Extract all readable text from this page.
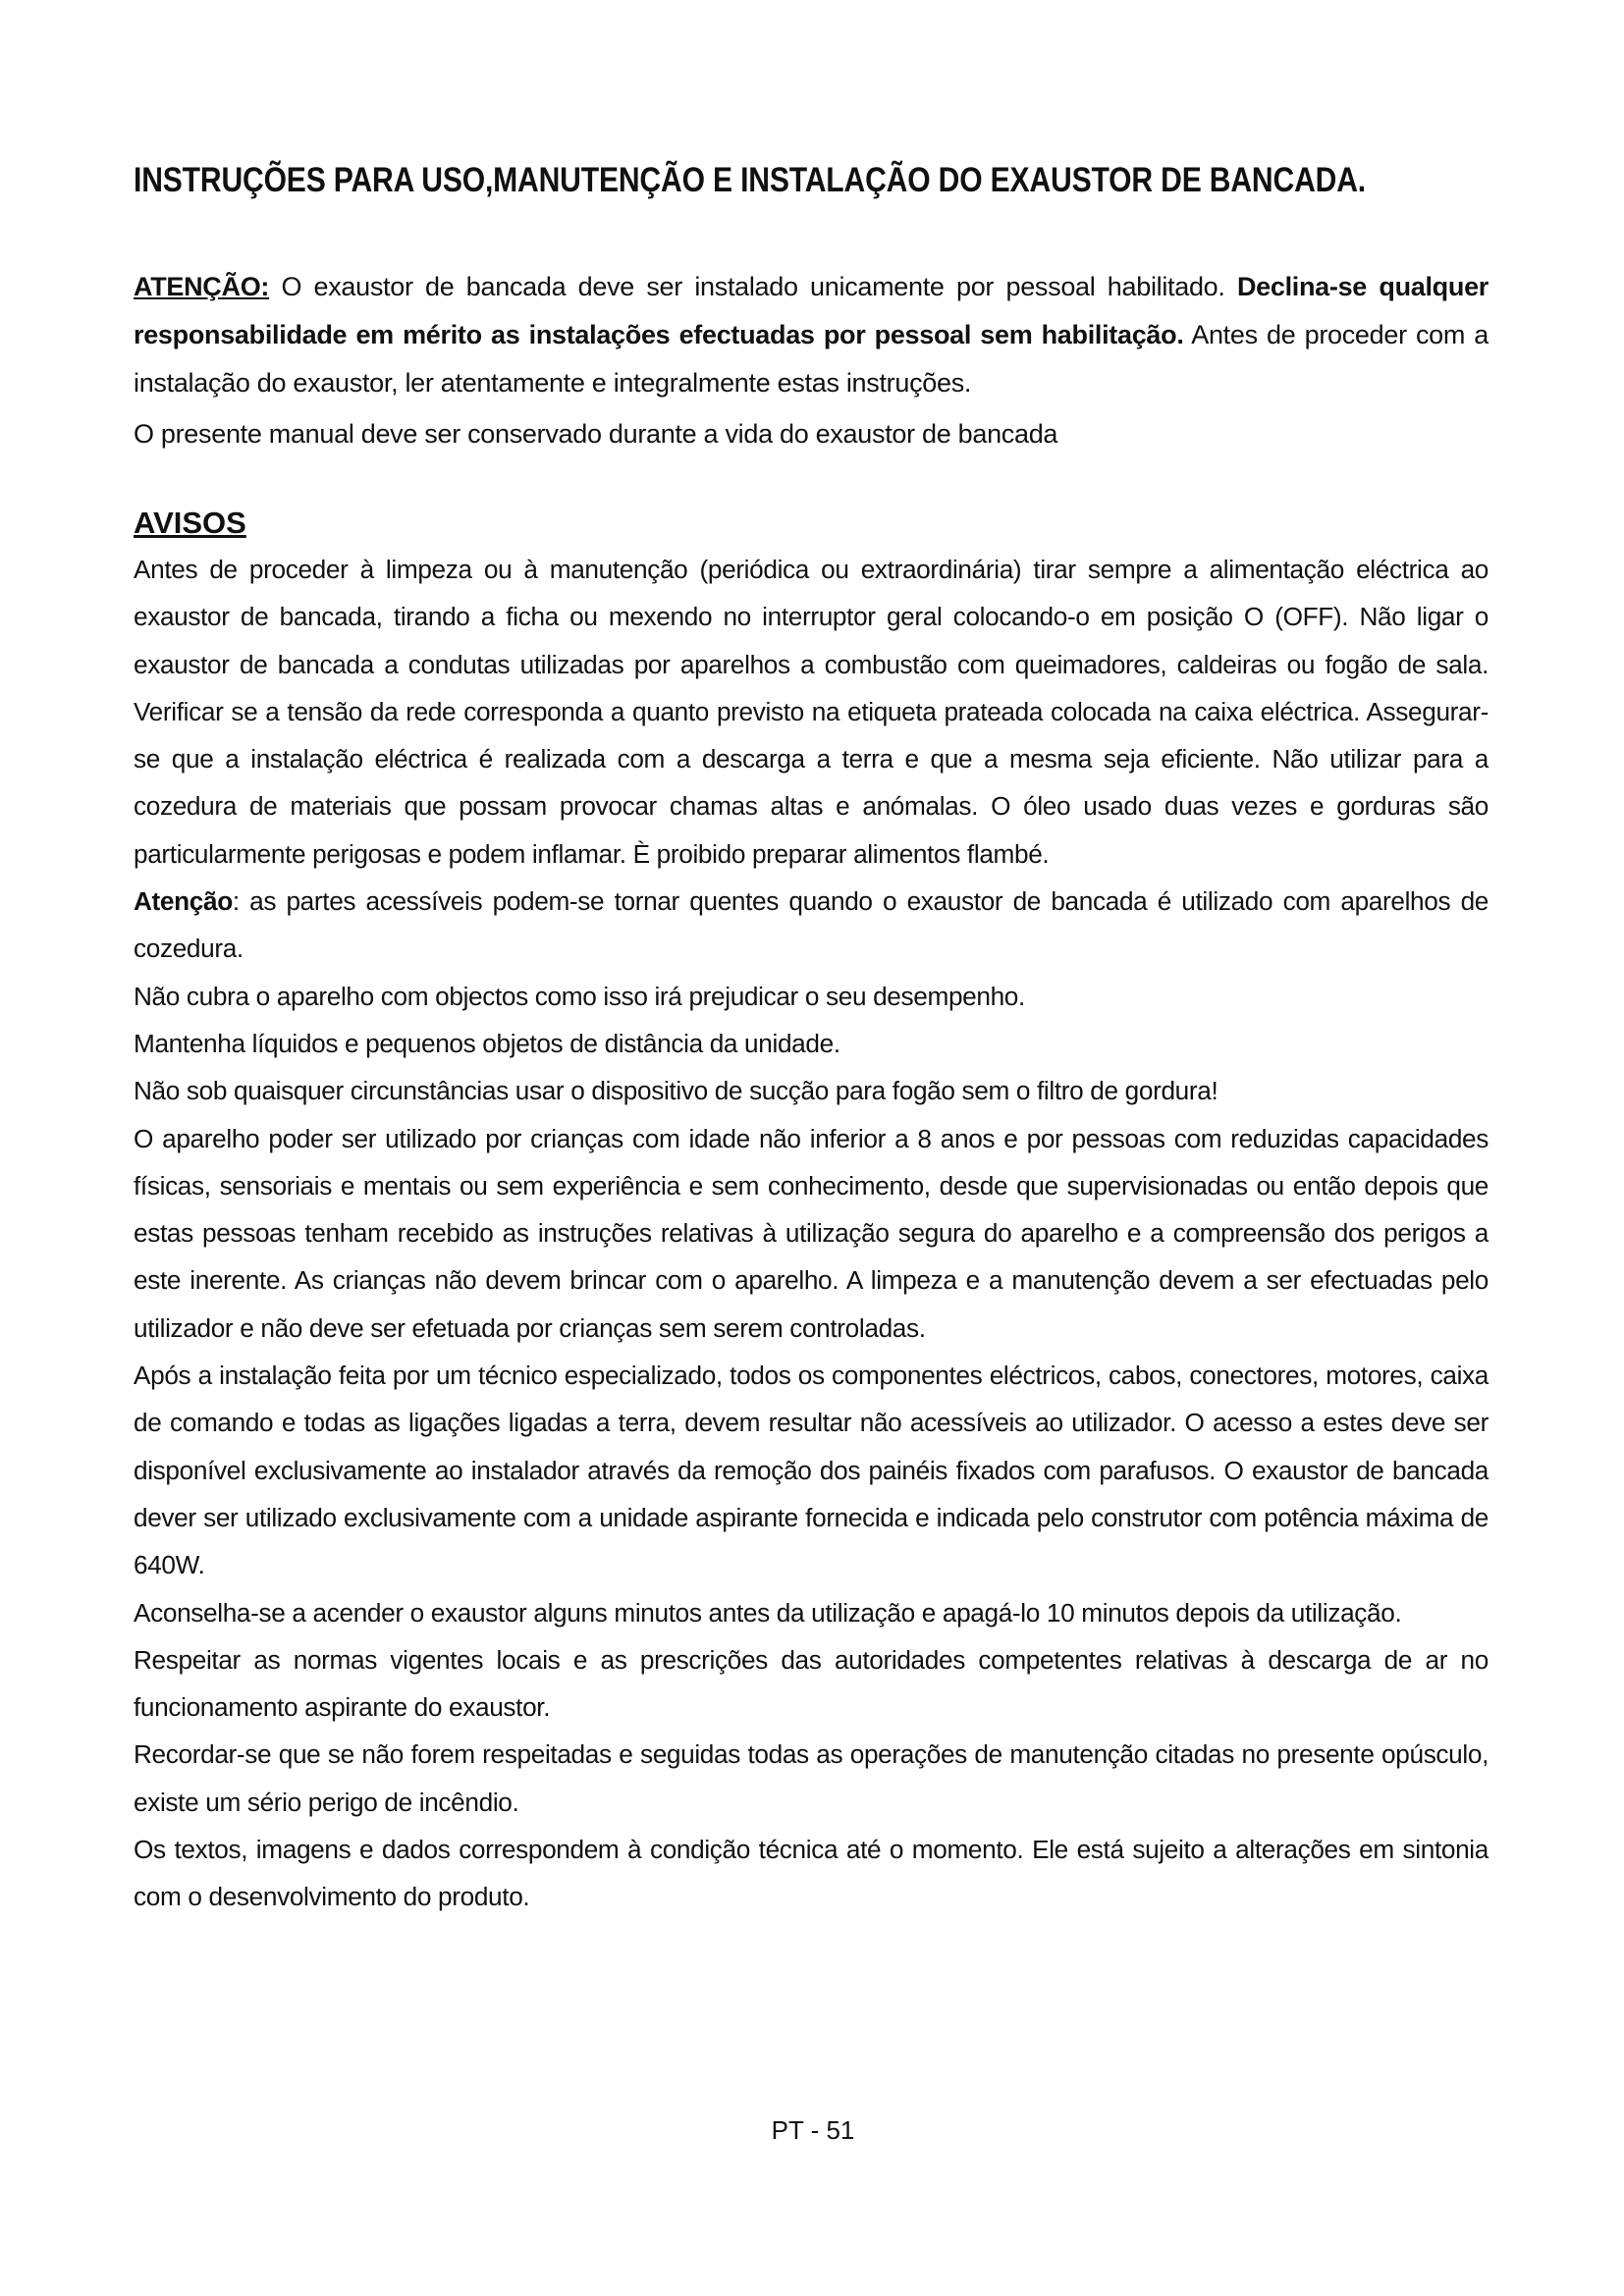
INSTRUÇÕES PARA USO,MANUTENÇÃO E INSTALAÇÃO DO EXAUSTOR DE BANCADA.

ATENÇÃO: O exaustor de bancada deve ser instalado unicamente por pessoal habilitado. Declina-se qualquer responsabilidade em mérito as instalações efectuadas por pessoal sem habilitação. Antes de proceder com a instalação do exaustor, ler atentamente e integralmente estas instruções.

O presente manual deve ser conservado durante a vida do exaustor de bancada

AVISOS

Antes de proceder à limpeza ou à manutenção (periódica ou extraordinária) tirar sempre a alimentação eléctrica ao exaustor de bancada, tirando a ficha ou mexendo no interruptor geral colocando-o em posição O (OFF). Não ligar o exaustor de bancada a condutas utilizadas por aparelhos a combustão com queimadores, caldeiras ou fogão de sala. Verificar se a tensão da rede corresponda a quanto previsto na etiqueta prateada colocada na caixa eléctrica. Assegurar-se que a instalação eléctrica é realizada com a descarga a terra e que a mesma seja eficiente. Não utilizar para a cozedura de materiais que possam provocar chamas altas e anómalas. O óleo usado duas vezes e gorduras são particularmente perigosas e podem inflamar. È proibido preparar alimentos flambé.

Atenção: as partes acessíveis podem-se tornar quentes quando o exaustor de bancada é utilizado com aparelhos de cozedura.

Não cubra o aparelho com objectos como isso irá prejudicar o seu desempenho.

Mantenha líquidos e pequenos objetos de distância da unidade.

Não sob quaisquer circunstâncias usar o dispositivo de sucção para fogão sem o filtro de gordura!

O aparelho poder ser utilizado por crianças com idade não inferior a 8 anos e por pessoas com reduzidas capacidades físicas, sensoriais e mentais ou sem experiência e sem conhecimento, desde que supervisionadas ou então depois que estas pessoas tenham recebido as instruções relativas à utilização segura do aparelho e a compreensão dos perigos a este inerente. As crianças não devem brincar com o aparelho. A limpeza e a manutenção devem a ser efectuadas pelo utilizador e não deve ser efetuada por crianças sem serem controladas.

Após a instalação feita por um técnico especializado, todos os componentes eléctricos, cabos, conectores, motores, caixa de comando e todas as ligações ligadas a terra, devem resultar não acessíveis ao utilizador. O acesso a estes deve ser disponível exclusivamente ao instalador através da remoção dos painéis fixados com parafusos. O exaustor de bancada dever ser utilizado exclusivamente com a unidade aspirante fornecida e indicada pelo construtor com potência máxima de 640W.

Aconselha-se a acender o exaustor alguns minutos antes da utilização e apagá-lo 10 minutos depois da utilização.

Respeitar as normas vigentes locais e as prescrições das autoridades competentes relativas à descarga de ar no funcionamento aspirante do exaustor.

Recordar-se que se não forem respeitadas e seguidas todas as operações de manutenção citadas no presente opúsculo, existe um sério perigo de incêndio.

Os textos, imagens e dados correspondem à condição técnica até o momento. Ele está sujeito a alterações em sintonia com o desenvolvimento do produto.

PT - 51
